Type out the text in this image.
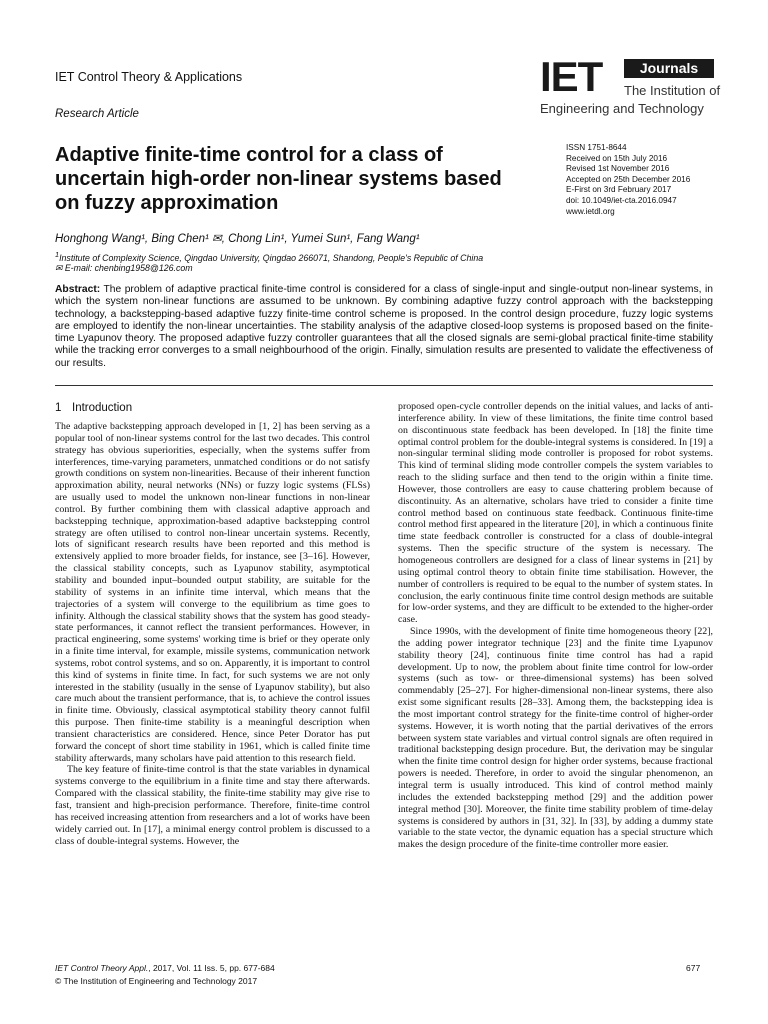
IET Control Theory & Applications
Research Article
IET	Journals
The Institution of
Engineering and Technology
Adaptive finite-time control for a class of uncertain high-order non-linear systems based on fuzzy approximation
ISSN 1751-8644
Received on 15th July 2016
Revised 1st November 2016
Accepted on 25th December 2016
E-First on 3rd February 2017
doi: 10.1049/iet-cta.2016.0947
www.ietdl.org
Honghong Wang¹, Bing Chen¹ ✉, Chong Lin¹, Yumei Sun¹, Fang Wang¹
$^1$Institute of Complexity Science, Qingdao University, Qingdao 266071, Shandong, People's Republic of China
✉ E-mail: chenbing1958@126.com
Abstract: The problem of adaptive practical finite-time control is considered for a class of single-input and single-output non-linear systems, in which the system non-linear functions are assumed to be unknown. By combining adaptive fuzzy control approach with the backstepping technology, a backstepping-based adaptive fuzzy finite-time control scheme is proposed. In the control design procedure, fuzzy logic systems are employed to identify the non-linear uncertainties. The stability analysis of the adaptive closed-loop systems is proposed based on the finite-time Lyapunov theory. The proposed adaptive fuzzy controller guarantees that all the closed signals are semi-global practical finite-time stability while the tracking error converges to a small neighbourhood of the origin. Finally, simulation results are presented to validate the effectiveness of our results.
1 Introduction

The adaptive backstepping approach developed in [1, 2] has been serving as a popular tool of non-linear systems control for the last two decades. This control strategy has obvious superiorities, especially, when the systems suffer from interferences, time-varying parameters, unmatched conditions or do not satisfy growth conditions on system non-linearities. Because of their inherent function approximation ability, neural networks (NNs) or fuzzy logic systems (FLSs) are usually used to model the unknown non-linear functions in non-linear control. By further combining them with classical adaptive approach and backstepping technique, approximation-based adaptive backstepping control strategy are often utilised to control non-linear uncertain systems. Recently, lots of significant research results have been reported and this method is extensively applied to more broader fields, for instance, see [3–16]. However, the classical stability concepts, such as Lyapunov stability, asymptotical stability and bounded input–bounded output stability, are suitable for the stability of systems in an infinite time interval, which means that the trajectories of a system will converge to the equilibrium as time goes to infinity. Although the classical stability shows that the system has good steady-state performances, it cannot reflect the transient performances. However, in practical engineering, some systems' working time is brief or they operate only in a finite time interval, for example, missile systems, communication network systems, robot control systems, and so on. Apparently, it is important to control this kind of systems in finite time. In fact, for such systems we are not only interested in the stability (usually in the sense of Lyapunov stability), but also care much about the transient performance, that is, to achieve the control issues in finite time. Obviously, classical asymptotical stability theory cannot fulfil this purpose. Then finite-time stability is a meaningful description when transient characteristics are considered. Hence, since Peter Dorator has put forward the concept of short time stability in 1961, which is called finite time stability afterwards, many scholars have paid attention to this research field.

The key feature of finite-time control is that the state variables in dynamical systems converge to the equilibrium in a finite time and stay there afterwards. Compared with the classical stability, the finite-time stability may give rise to fast, transient and high-precision performance. Therefore, finite-time control has received increasing attention from researchers and a lot of works have been widely carried out. In [17], a minimal energy control problem is discussed to a class of double-integral systems. However, the

proposed open-cycle controller depends on the initial values, and lacks of anti-interference ability. In view of these limitations, the finite time control based on discontinuous state feedback has been developed. In [18] the finite time optimal control problem for the double-integral systems is considered. In [19] a non-singular terminal sliding mode controller is proposed for robot systems. This kind of terminal sliding mode controller compels the system variables to reach to the sliding surface and then tend to the origin within a finite time. However, those controllers are easy to cause chattering problem because of discontinuity. As an alternative, scholars have tried to consider a finite time control method based on continuous state feedback. Continuous finite-time control method first appeared in the literature [20], in which a continuous finite time state feedback controller is constructed for a class of double-integral systems. Then the specific structure of the system is necessary. The homogeneous controllers are designed for a class of linear systems in [21] by using optimal control theory to obtain finite time stabilisation. However, the number of controllers is required to be equal to the number of system states. In conclusion, the early continuous finite time control design methods are suitable for low-order systems, and they are difficult to be extended to the higher-order case.

Since 1990s, with the development of finite time homogeneous theory [22], the adding power integrator technique [23] and the finite time Lyapunov stability theory [24], continuous finite time control has had a rapid development. Up to now, the problem about finite time control for low-order systems (such as tow- or three-dimensional systems) has been solved commendably [25–27]. For higher-dimensional non-linear systems, there also exist some significant results [28–33]. Among them, the backstepping idea is the most important control strategy for the finite-time control of higher-order systems. However, it is worth noting that the partial derivatives of the errors between system state variables and virtual control signals are often required in traditional backstepping design procedure. But, the derivation may be singular when the finite time control design for higher order systems, because fractional powers is needed. Therefore, in order to avoid the singular phenomenon, an integral term is usually introduced. This kind of control method mainly includes the extended backstepping method [29] and the addition power integral method [30]. Moreover, the finite time stability problem of time-delay systems is considered by authors in [31, 32]. In [33], by adding a dummy state variable to the state vector, the dynamic equation has a special structure which makes the design procedure of the finite-time controller more easier.

IET Control Theory Appl., 2017, Vol. 11 Iss. 5, pp. 677-684
© The Institution of Engineering and Technology 2017
677
